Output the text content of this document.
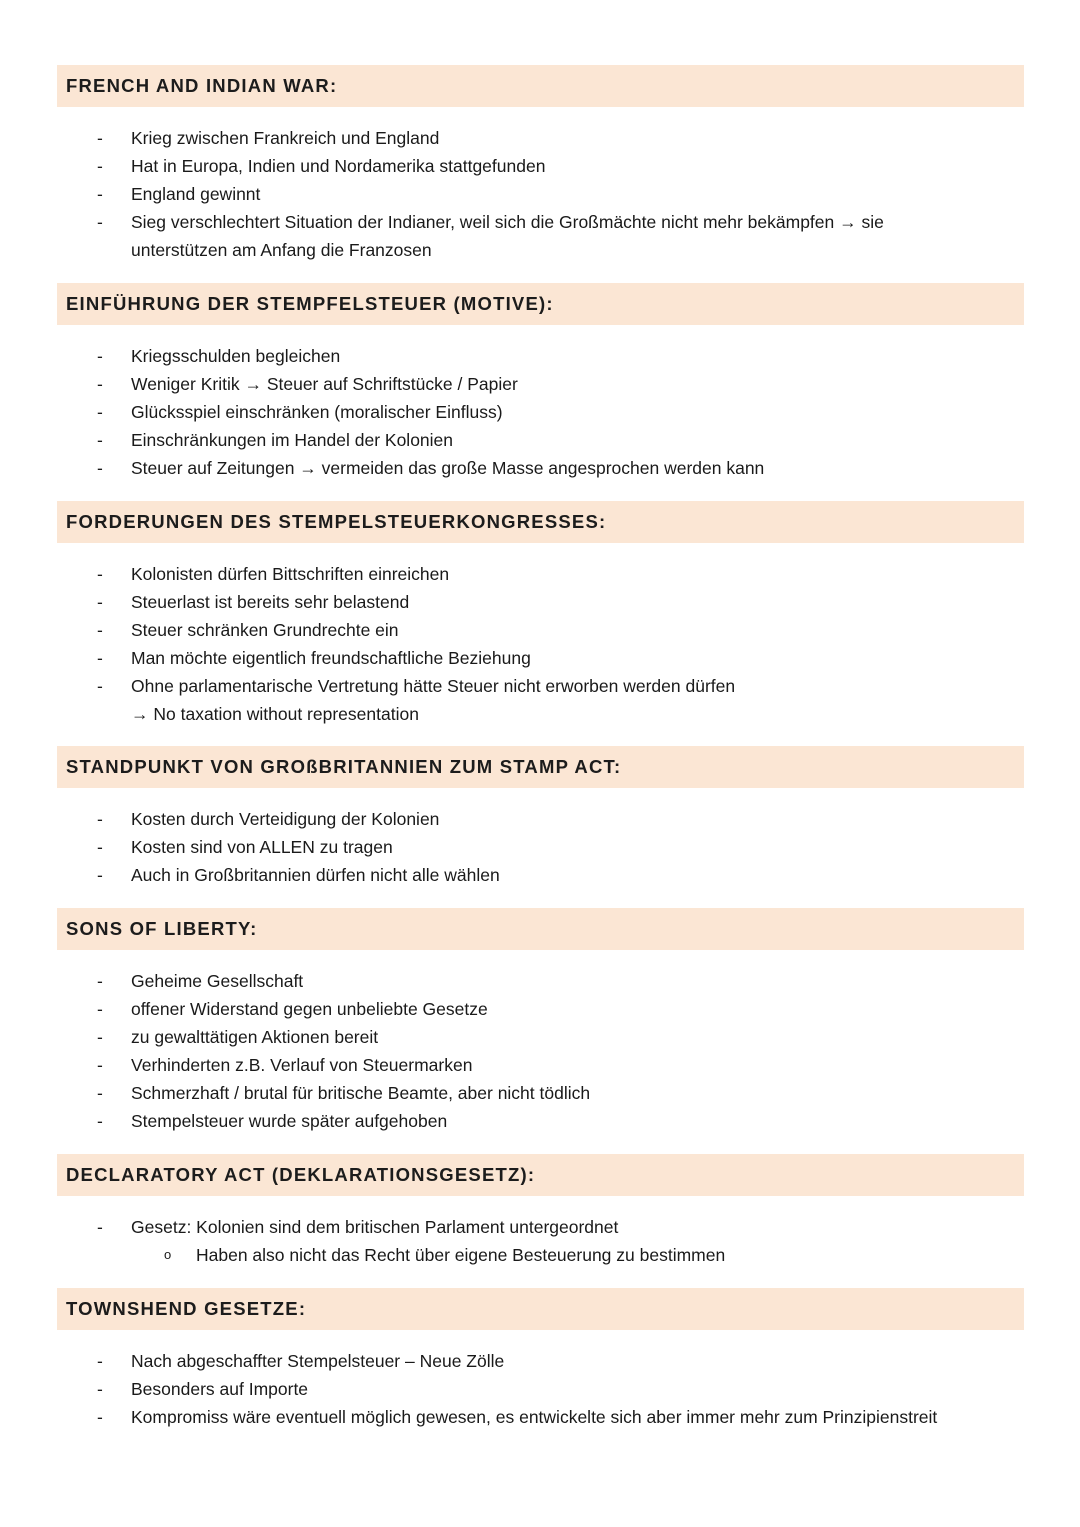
FRENCH AND INDIAN WAR:
- Krieg zwischen Frankreich und England
- Hat in Europa, Indien und Nordamerika stattgefunden
- England gewinnt
- Sieg verschlechtert Situation der Indianer, weil sich die Großmächte nicht mehr bekämpfen → sie
unterstützen am Anfang die Franzosen
EINFÜHRUNG DER STEMPFELSTEUER (MOTIVE):
- Kriegsschulden begleichen
- Weniger Kritik → Steuer auf Schriftstücke / Papier
- Glücksspiel einschränken (moralischer Einfluss)
- Einschränkungen im Handel der Kolonien
- Steuer auf Zeitungen → vermeiden das große Masse angesprochen werden kann
FORDERUNGEN DES STEMPELSTEUERKONGRESSES:
- Kolonisten dürfen Bittschriften einreichen
- Steuerlast ist bereits sehr belastend
- Steuer schränken Grundrechte ein
- Man möchte eigentlich freundschaftliche Beziehung
- Ohne parlamentarische Vertretung hätte Steuer nicht erworben werden dürfen
→ No taxation without representation
STANDPUNKT VON GROßBRITANNIEN ZUM STAMP ACT:
- Kosten durch Verteidigung der Kolonien
- Kosten sind von ALLEN zu tragen
- Auch in Großbritannien dürfen nicht alle wählen
SONS OF LIBERTY:
- Geheime Gesellschaft
- offener Widerstand gegen unbeliebte Gesetze
- zu gewalttätigen Aktionen bereit
- Verhinderten z.B. Verlauf von Steuermarken
- Schmerzhaft / brutal für britische Beamte, aber nicht tödlich
- Stempelsteuer wurde später aufgehoben
DECLARATORY ACT (DEKLARATIONSGESETZ):
- Gesetz: Kolonien sind dem britischen Parlament untergeordnet
o Haben also nicht das Recht über eigene Besteuerung zu bestimmen
TOWNSHEND GESETZE:
- Nach abgeschaffter Stempelsteuer – Neue Zölle
- Besonders auf Importe
- Kompromiss wäre eventuell möglich gewesen, es entwickelte sich aber immer mehr zum Prinzipienstreit
